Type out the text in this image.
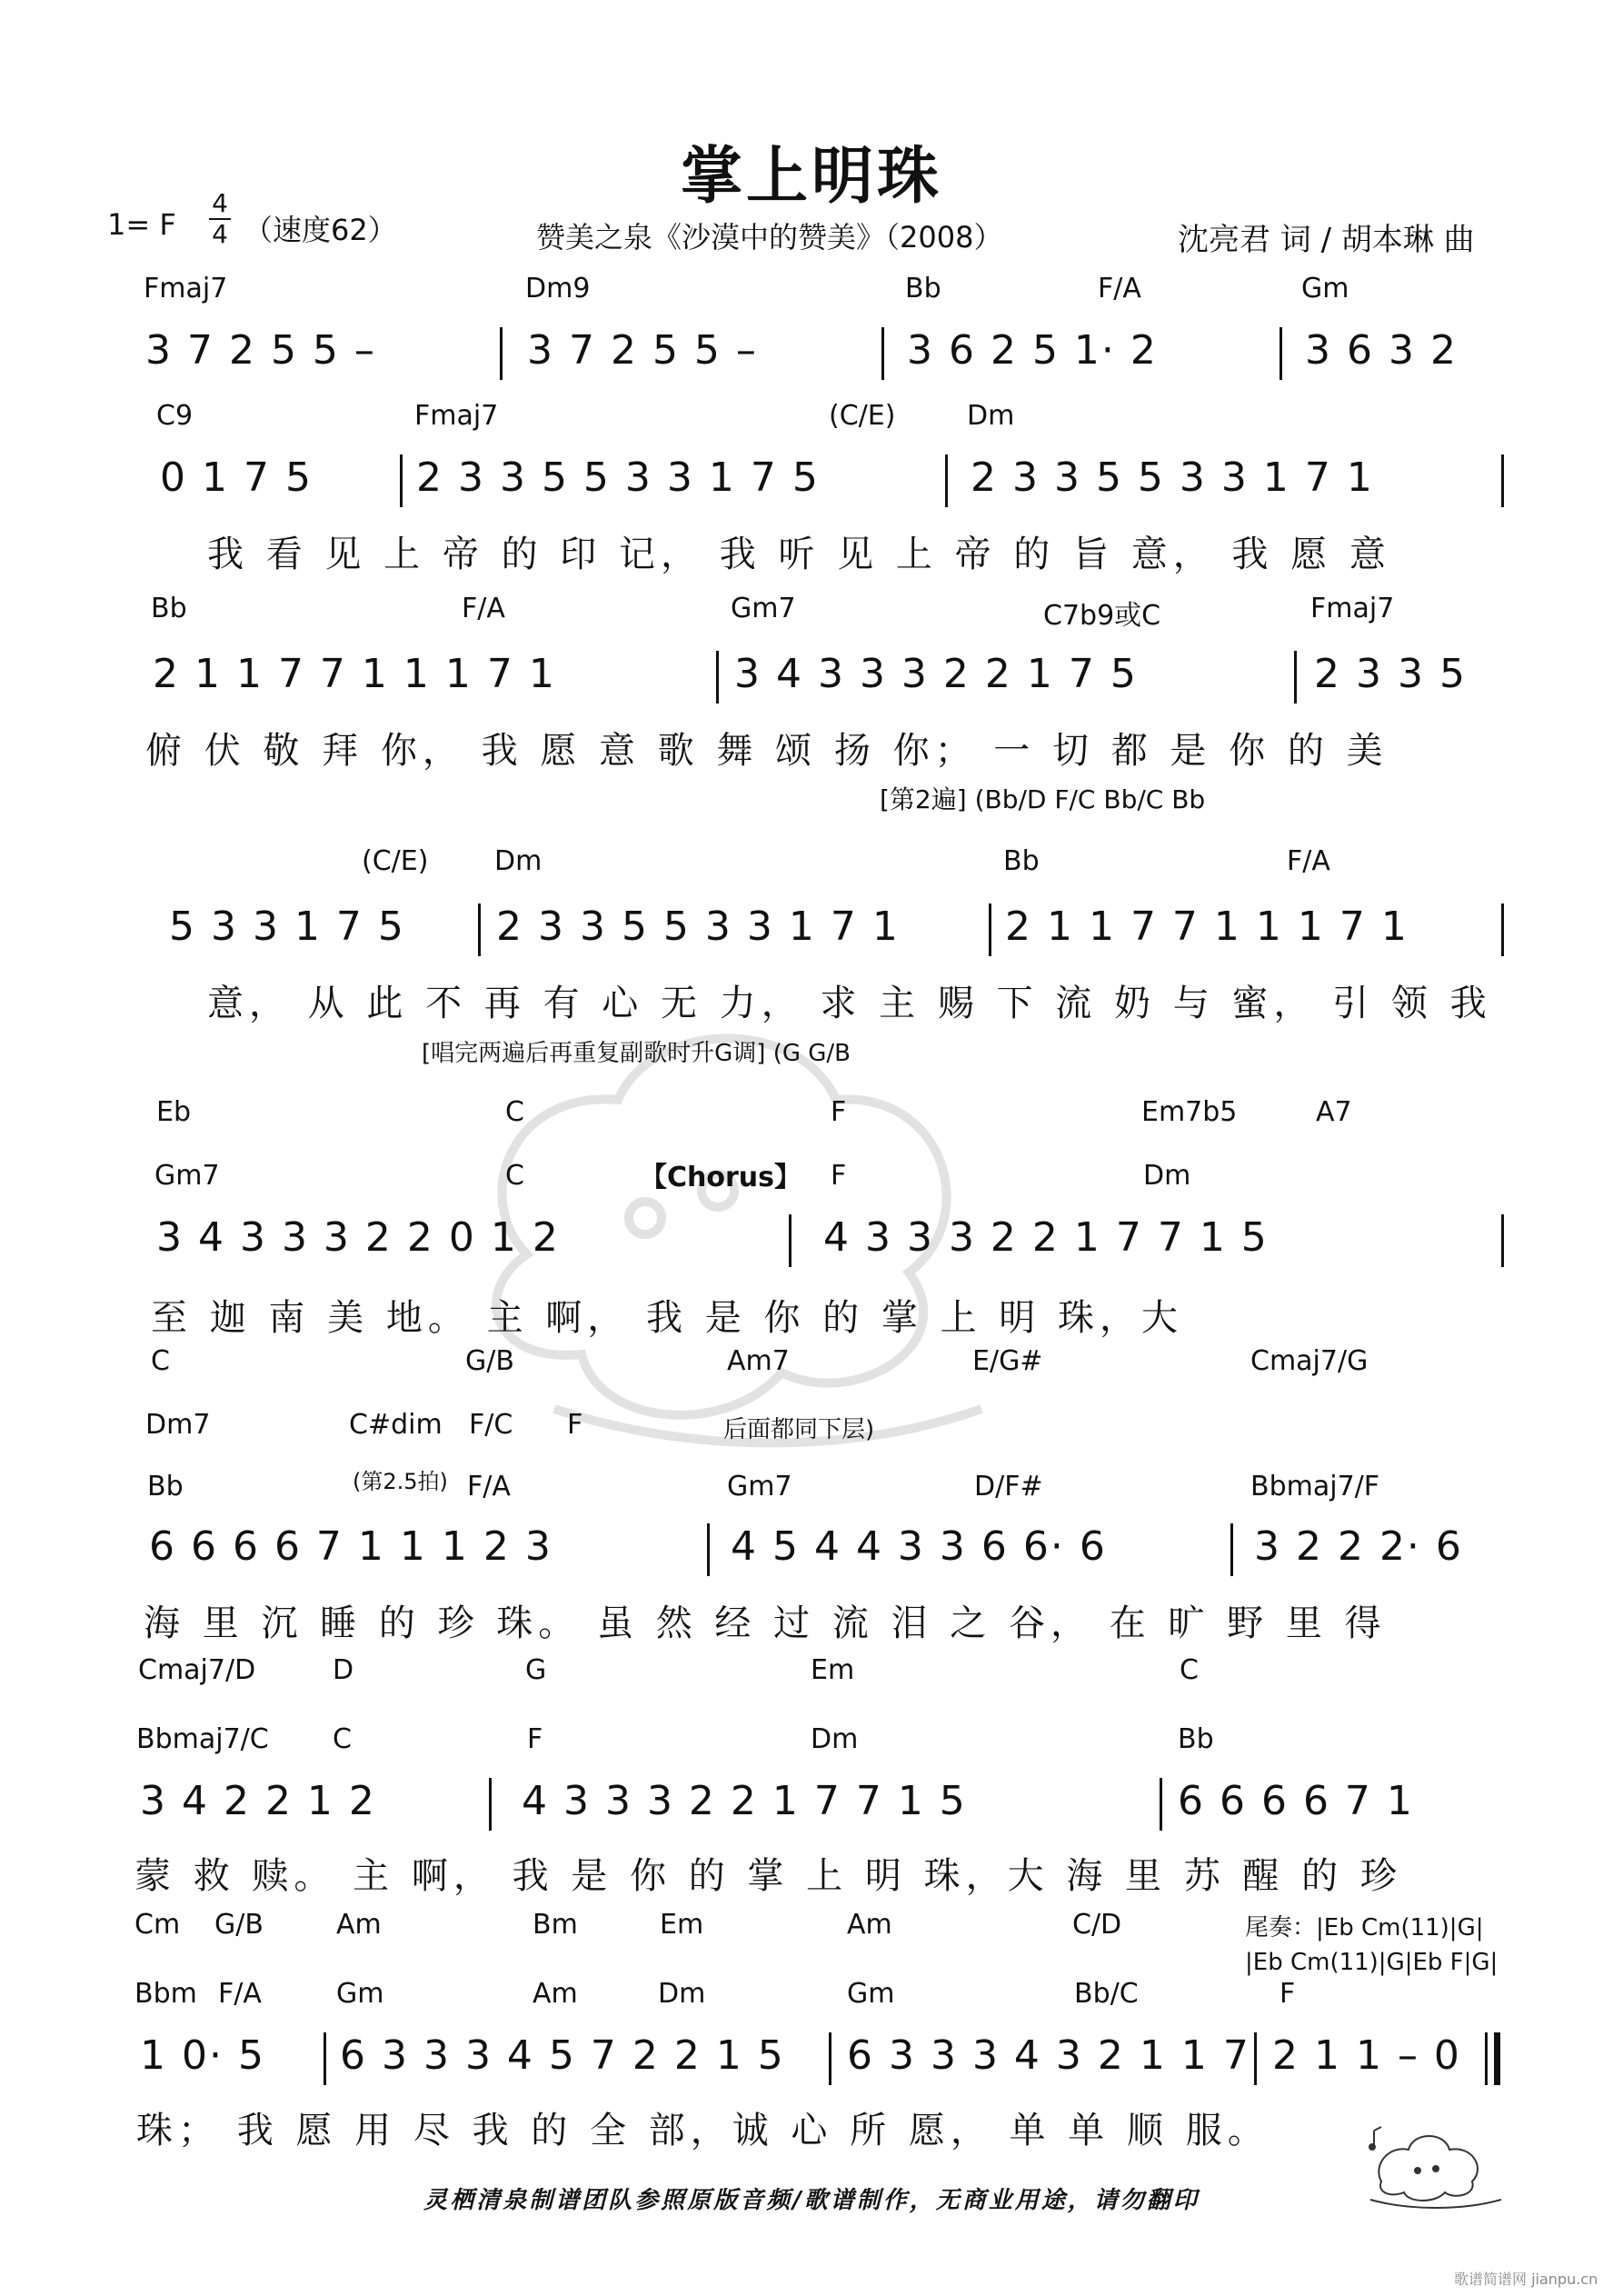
掌上明珠
1= F
4
4 （速度62）	赞美之泉《沙漠中的赞美》（2008）	沈亮君 词 / 胡本琳 曲
Fmaj7	Dm9	Bb	F/A	Gm
3 7 2 5 5 –	3 7 2 5 5 –	3 6 2 5 1· 2	3 6 3 2
C9	Fmaj7	(C/E)	Dm
0 1 7 5	2 3 3 5 5 3 3 1 7 5	2 3 3 5 5 3 3 1 7 1
我 看 见 上 帝 的 印 记， 我 听 见 上 帝 的 旨 意， 我 愿 意
Bb	F/A	Gm7	C7b9或C	Fmaj7
2 1 1 7 7 1 1 1 7 1	3 4 3 3 3 2 2 1 7 5	2 3 3 5
俯 伏 敬 拜 你， 我 愿 意 歌 舞 颂 扬 你； 一 切 都 是 你 的 美
[第2遍] (Bb/D F/C Bb/C Bb
(C/E) Dm	Bb	F/A
5 3 3 1 7 5 2 3 3 5 5 3 3 1 7 1	2 1 1 7 7 1 1 1 7 1
意， 从 此 不 再 有 心 无 力， 求 主 赐 下 流 奶 与 蜜， 引 领 我
[唱完两遍后再重复副歌时升G调] (G G/B
Eb	C	F	Em7b5	A7
Gm7	C	【Chorus】 F	Dm
3 4 3 3 3 2 2 0 1 2	4 3 3 3 2 2 1 7 7 1 5
至 迦 南 美 地。 主 啊， 我 是 你 的 掌 上 明 珠，大
C	G/B	Am7	E/G#	Cmaj7/G
Dm7	C#dim F/C F	后面都同下层)
Bb	(第2.5拍) F/A	Gm7	D/F#	Bbmaj7/F
6 6 6 6 7 1 1 1 2 3	4 5 4 4 3 3 6 6· 6	3 2 2 2· 6
海 里 沉 睡 的 珍 珠。 虽 然 经 过 流 泪 之 谷， 在 旷 野 里 得
Cmaj7/D	D	G	Em	C
Bbmaj7/C C	F	Dm	Bb
3 4 2 2 1 2	4 3 3 3 2 2 1 7 7 1 5	6 6 6 6 7 1
蒙 救 赎。 主 啊， 我 是 你 的 掌 上 明 珠，大 海 里 苏 醒 的 珍
Cm G/B	Am	Bm	Em	Am	C/D	尾奏：|Eb Cm(11)|G|
|Eb Cm(11)|G|Eb F|G|
Bbm F/A	Gm	Am	Dm	Gm	Bb/C	F
1 0· 5 6 3 3 3 4 5 7 2 2 1 5 6 3 3 3 4 3 2 1 1 7 2 1 1 – 0
珠； 我 愿 用 尽 我 的 全 部，诚 心 所 愿， 单 单 顺 服。
灵栖清泉制谱团队参照原版音频/歌谱制作，无商业用途，请勿翻印
歌谱简谱网 jianpu.cn
